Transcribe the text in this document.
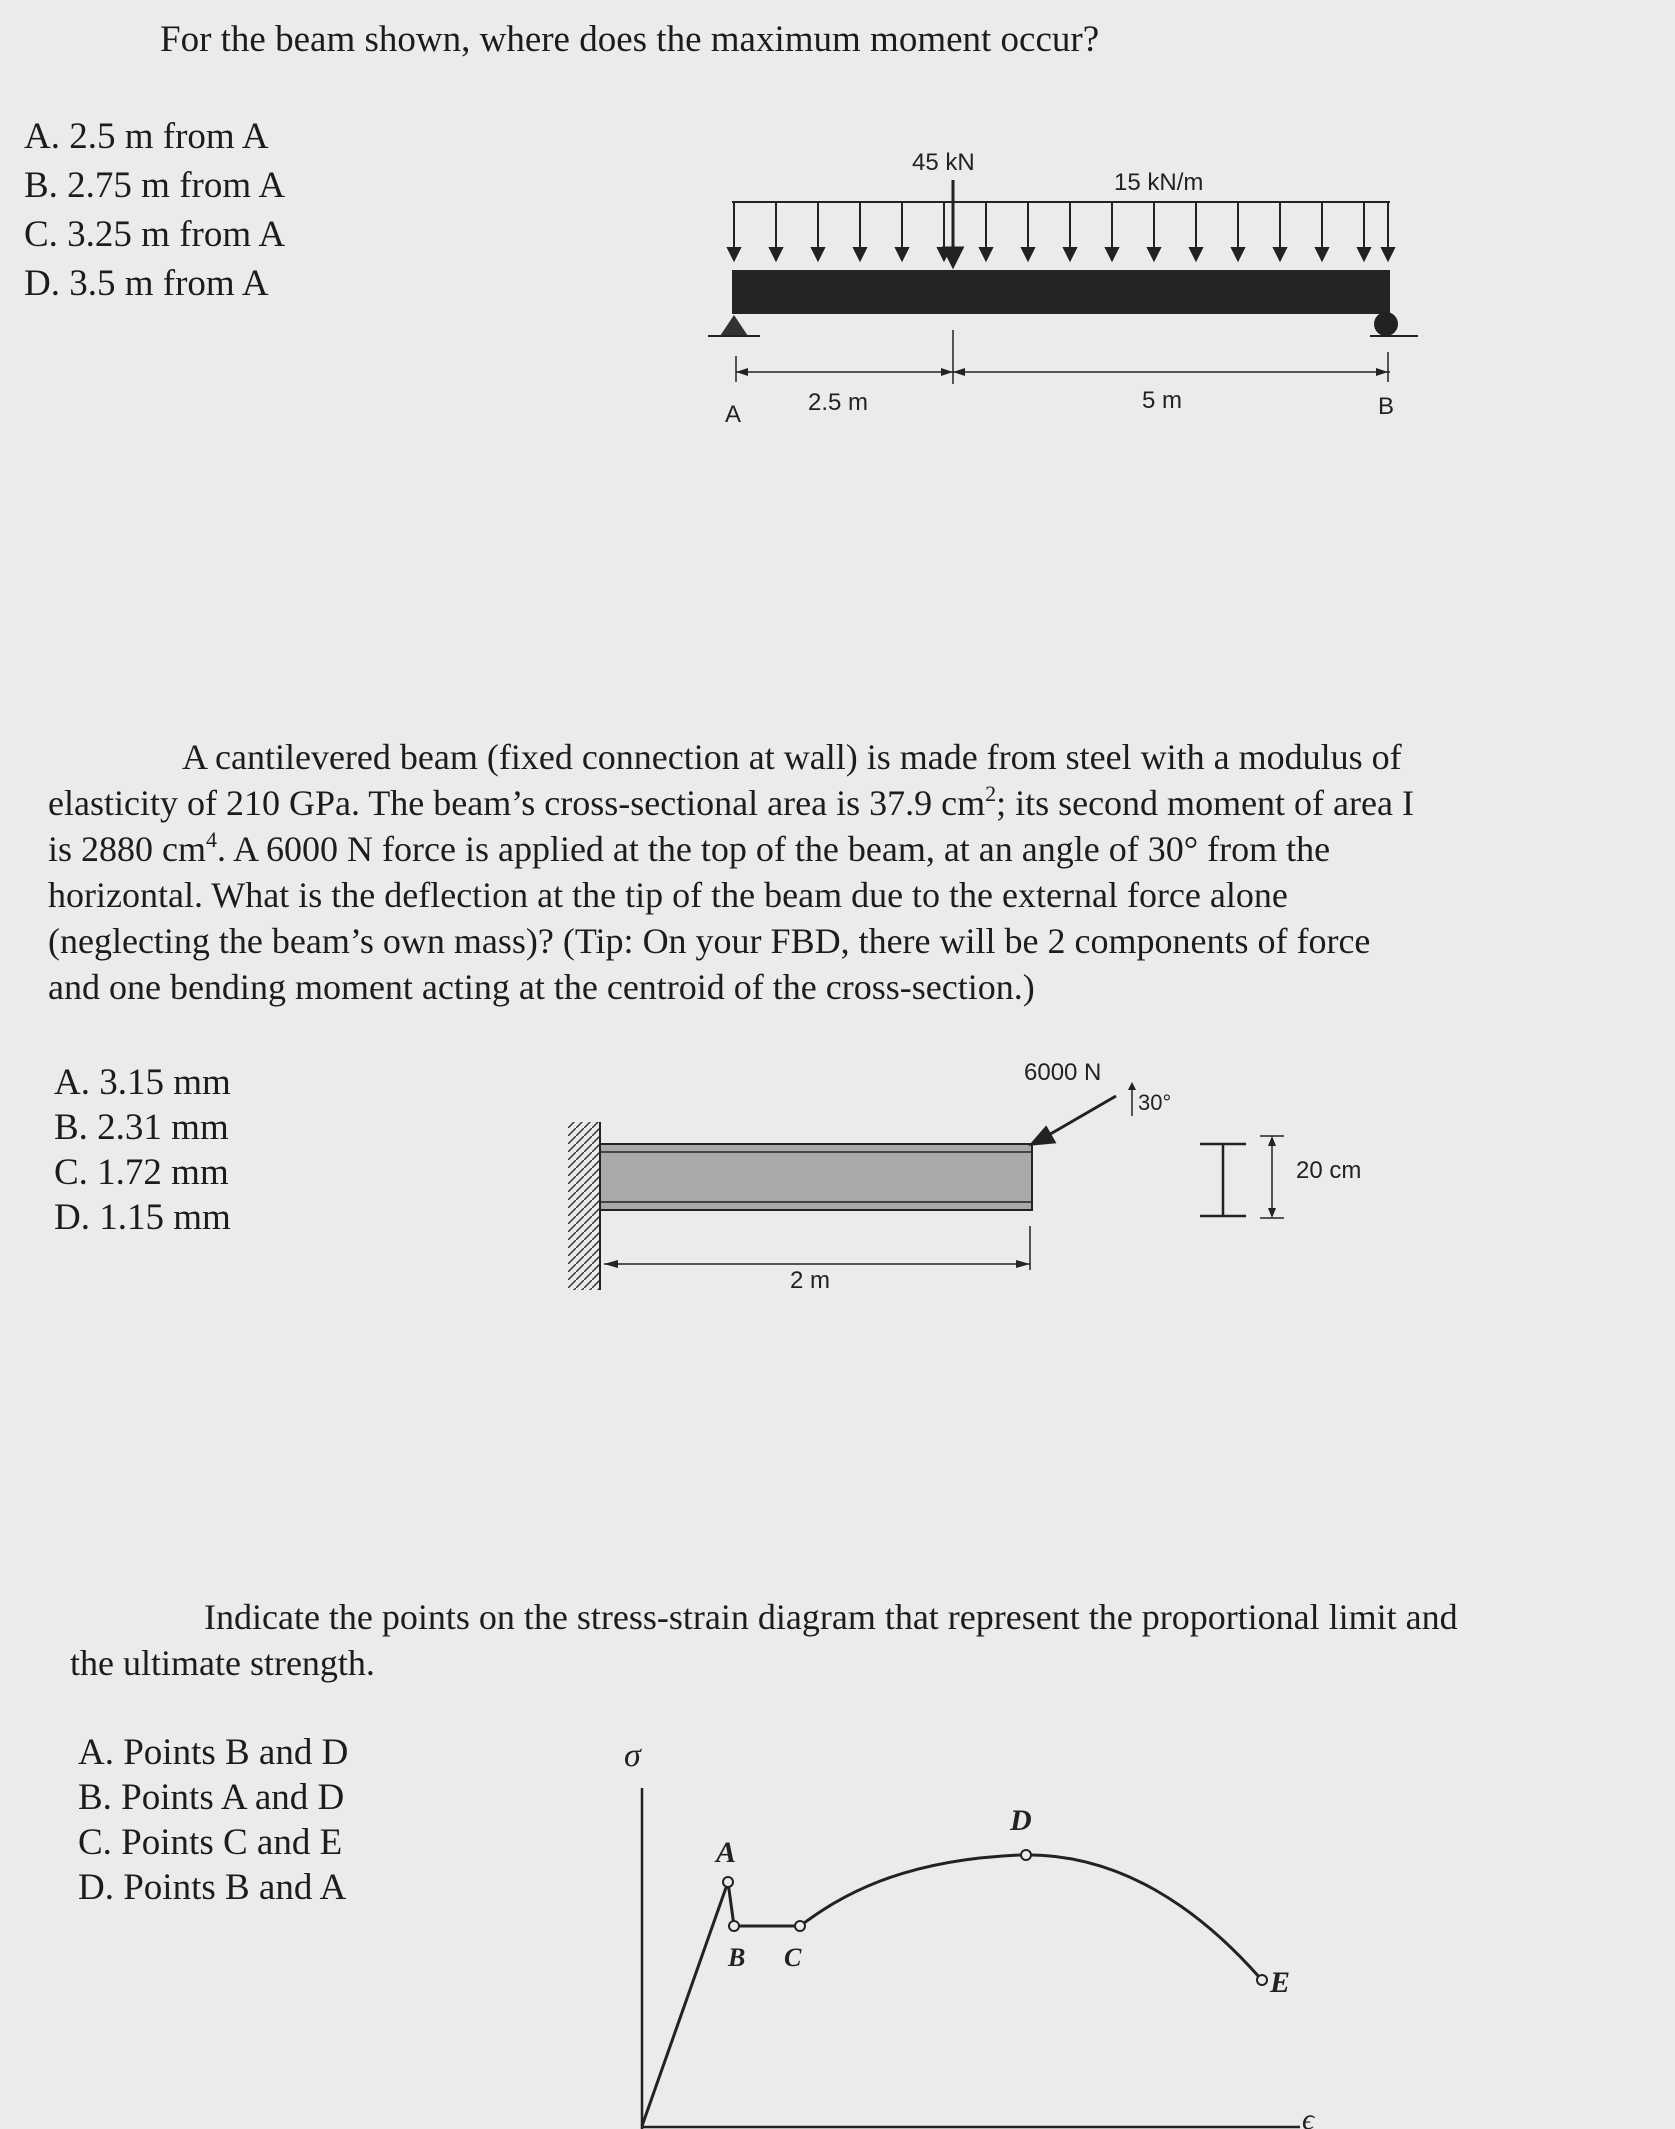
For the beam shown, where does the maximum moment occur?
A. 2.5 m from A
B. 2.75 m from A
C. 3.25 m from A
D. 3.5 m from A
45 kN
15 kN/m
A	2.5 m	5 m	B
A cantilevered beam (fixed connection at wall) is made from steel with a modulus of
elasticity of 210 GPa. The beam’s cross-sectional area is 37.9 $cm^2$; its second moment of area I
is 2880 $cm^4$. A 6000 N force is applied at the top of the beam, at an angle of 30° from the
horizontal. What is the deflection at the tip of the beam due to the external force alone
(neglecting the beam’s own mass)? (Tip: On your FBD, there will be 2 components of force
and one bending moment acting at the centroid of the cross-section.)
A. 3.15 mm
B. 2.31 mm
C. 1.72 mm
D. 1.15 mm
6000 N
30°
2 m
20 cm
Indicate the points on the stress-strain diagram that represent the proportional limit and
the ultimate strength.
A. Points B and D
B. Points A and D
C. Points C and E
D. Points B and A
σ
ϵ
A
B C
D
E
